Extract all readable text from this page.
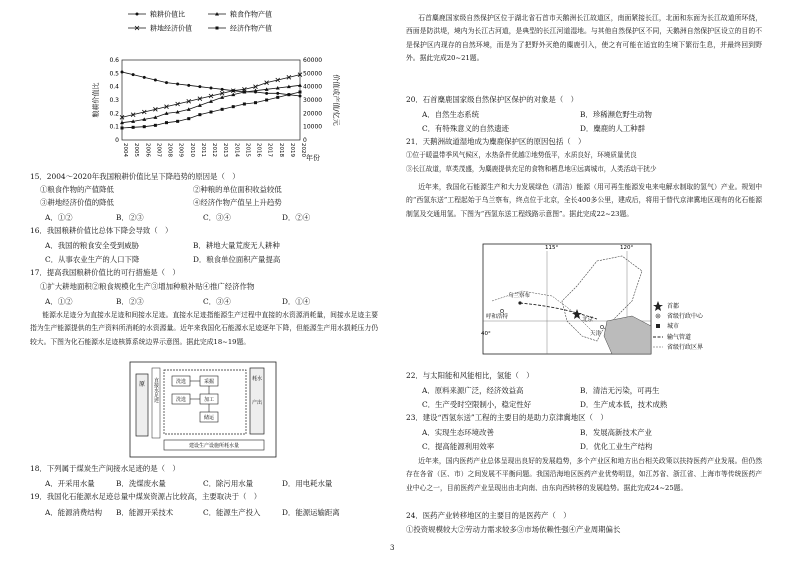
0
0.1
0.2
0.3
0.4
0.5
0.6
0
10000
20000
30000
40000
50000
60000
2004 2005 2006 2007 2008 2009 2010 2011 2012 2013 2014 2015 2016 2017 2018 2019 2020
年份
粮耕价值比	价值或产值/亿元
粮耕价值比	粮食作物产值
耕地经济价值	经济作物产值
15．2004～2020年我国粮耕价值比呈下降趋势的原因是（　）
①粮食作物的产值降低	②种粮的单位面积收益较低
③耕地经济价值的降低	④经济作物产值呈上升趋势
A．①②	B．②③	C．③④	D．②④
16．我国粮耕价值比总体下降会导致（　）
A．我国的粮食安全受到威胁	B．耕地大量荒废无人耕种
C．从事农业生产的人口下降	D．粮食单位面积产量提高
17．提高我国粮耕价值比的可行措施是（　）
①扩大耕地面积②粮食规模化生产③增加种粮补贴④推广经济作物
A．①②	B．②③	C．③④	D．①④
能源水足迹分为直接水足迹和间接水足迹。直接水足迹指能源生产过程中直接的水资源消耗量，间接水足迹主要指为生产能源提供的生产资料所消耗的水资源量。近年来我国化石能源水足迹逐年下降，但能源生产用水损耗压力仍较大。下图为化石能源水足迹核算系统边界示意图。据此完成18~19题。
原 直接水足迹	洗选	采掘
洗选	加工
储运
耗水
产出
建设生产设施所耗水量
18．下列属于煤炭生产间接水足迹的是（　）
A．开采用水量	B．洗煤废水量	C．除污用水量	D．用电耗水量
19．我国化石能源水足迹总量中煤炭资源占比较高，主要取决于（　）
A．能源消费结构 B．能源开采技术	C．能源生产投入	D．能源运输距离
石首麋鹿国家级自然保护区位于湖北省石首市天鹅洲长江故道区，南面紧接长江，北面和东面为长江故道所环绕，西面是防洪堤，境内为长江古河道，是典型的长江河道湿地。与其他自然保护区不同，天鹅洲自然保护区设立的目的不是保护区内现存的自然环境，而是为了把野外灭绝的麋鹿引入，使之有可能在适宜的生境下繁衍生息，并最终回到野外。据此完成20~21题。
20．石首麋鹿国家级自然保护区保护的对象是（　）
A．自然生态系统	B．珍稀濒危野生动物
C．有特殊意义的自然遗迹	D．麋鹿的人工种群
21．天鹅洲故道湿地成为麋鹿保护区的原因包括（　）
①位于暖温带季风气候区，水热条件优越②地势低平，水质良好，环境质量优良
③长江故道，草类茂盛，为麋鹿提供充足的食物和栖息地④远离城市，人类活动干扰少
近年来，我国化石能源生产和大力发展绿色（清洁）能源（用可再生能源发电来电解水制取的氢气）产业。规划中的“西氢东送”工程起始于乌兰察布，终点位于北京，全长400多公里，建成后，将用于替代京津冀地区现有的化石能源制氢及交通用氢。下图为“西氢东送工程线路示意图”。据此完成22~23题。
115°	120°
40°
乌兰察布
呼和浩特	北京
天津
首都
省级行政中心
城市
输气管道
省级行政区界
22．与太阳能和风能相比，氢能（　）
A．原料来源广泛，经济效益高	B．清洁无污染，可再生
C．生产受时空限制小，稳定性好	D．生产成本低，技术成熟
23．建设“西氢东送”工程的主要目的是助力京津冀地区（　）
A．实现生态环境改善	B．发展高新技术产业
C．提高能源利用效率	D．优化工业生产结构
近年来，国内医药产业总体呈现出良好的发展趋势，多个产业区和地方出台相关政策以扶持医药产业发展。但仍然存在各省（区、市）之间发展不平衡问题。我国沿海地区医药产业优势明显，如江苏省、浙江省、上海市等传统医药产业中心之一，目前医药产业呈现出由北向南、由东向西转移的发展趋势。据此完成24~25题。
24．医药产业转移地区的主要目的是医药产（　）
①投资规模较大②劳动力需求较多③市场依赖性强④产业周期偏长
3
